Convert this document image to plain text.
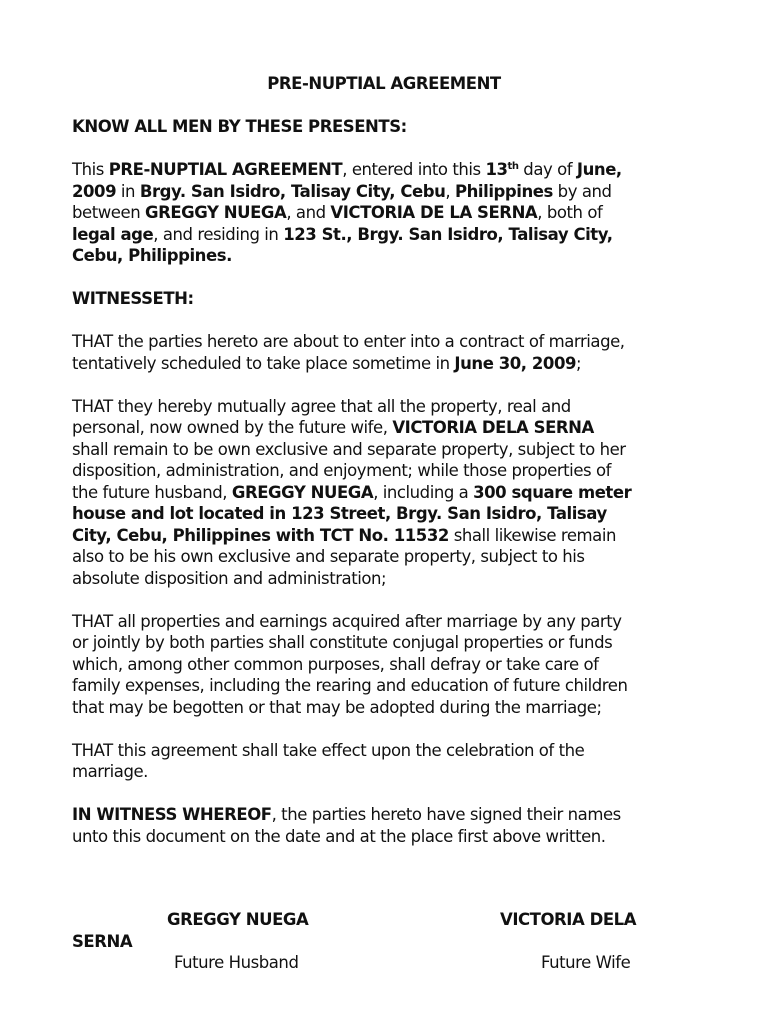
PRE-NUPTIAL AGREEMENT
KNOW ALL MEN BY THESE PRESENTS:
This PRE-NUPTIAL AGREEMENT, entered into this 13th day of June,
2009 in Brgy. San Isidro, Talisay City, Cebu, Philippines by and
between GREGGY NUEGA, and VICTORIA DE LA SERNA, both of
legal age, and residing in 123 St., Brgy. San Isidro, Talisay City,
Cebu, Philippines.
WITNESSETH:
THAT the parties hereto are about to enter into a contract of marriage,
tentatively scheduled to take place sometime in June 30, 2009;
THAT they hereby mutually agree that all the property, real and
personal, now owned by the future wife, VICTORIA DELA SERNA
shall remain to be own exclusive and separate property, subject to her
disposition, administration, and enjoyment; while those properties of
the future husband, GREGGY NUEGA, including a 300 square meter
house and lot located in 123 Street, Brgy. San Isidro, Talisay
City, Cebu, Philippines with TCT No. 11532 shall likewise remain
also to be his own exclusive and separate property, subject to his
absolute disposition and administration;
THAT all properties and earnings acquired after marriage by any party
or jointly by both parties shall constitute conjugal properties or funds
which, among other common purposes, shall defray or take care of
family expenses, including the rearing and education of future children
that may be begotten or that may be adopted during the marriage;
THAT this agreement shall take effect upon the celebration of the
marriage.
IN WITNESS WHEREOF, the parties hereto have signed their names
unto this document on the date and at the place first above written.
GREGGY NUEGA	VICTORIA DELA
SERNA
Future Husband	Future Wife
